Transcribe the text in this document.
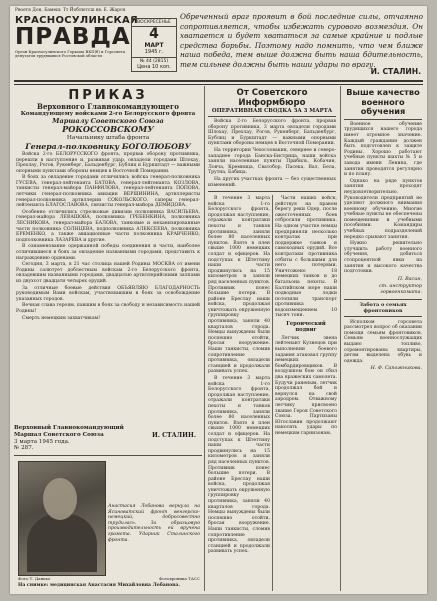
Рвоетя Дон, Бамеш: Тт Йоблютсш вв. Е. Жарсн
КРАСНОСУЛИНСКАЯ
ПРАВДА
Орган Красносулинского Горкома ВКП(б) и Горсовета депутатов трудящихся Ростовской области
ВОСКРЕСЕНЬЕ
4
МАРТ
1945 г.
№ 44 (2815)
Цена 10 коп.
Обреченный враг проявит в бой последние силы, отчаянно сопротивляется, чтобы избежать сурового возмездия. Он хватается и будет хвататься за самые крайние и подлые средства борьбы. Поэтому надо помнить, что чем ближе наша победа, тем выше должна быть наша бдительность, тем сильнее должны быть наши удары по врагу.
И. СТАЛИН.
ПРИКАЗ
Верховного Главнокомандующего
Командующему войсками 2-го Белорусского фронта
Маршалу Советского Союза
РОКОССОВСКОМУ
Начальнику штаба фронта
Генерал-полковнику БОГОЛЮБОВУ

Войска 2-го БЕЛОРУССКОГО фронта, прорвав оборону противника, перешли в наступление и, развивая удар, овладели городами Шлохау, Прехлау, Рогов, Рукенберг, Бальденбург, Бублиц и Буркштадт — важными опорными пунктами обороны немцев в Восточной Померании.

В боях за овладение городами отличились войска генерал-полковника ГУСЕВА, генерал-лейтенанта БАТОВА, генерал-лейтенанта КОЗЛОВА, танкисты генерал-майора ПАНФИЛОВА, генерал-лейтенанта ПОПОВА, летчики генерал-полковника авиации ВЕРШИНИНА, артиллеристы генерал-полковника артиллерии СОКОЛЬСКОГО, саперы генерал-лейтенанта БЛАГОСЛАВОВА, связисты генерал-майора ДЕМИДОВА.

Особенно отличились стрелковые дивизии полковника ВАСИЛЬЕВА, генерал-майора ЛЕВАШОВА, полковника ГРЕБЕНКИНА, полковника ЛЕСНИКОВА, генерал-майора БАЛОВА, танковые и механизированные части полковника СОЛНЦЕВА, подполковника АЛЕКСЕЕВА, полковника ЕРЕМЕНКО, а также авиационные части полковника КРАВЧЕНКО, подполковника ЛАЗАРЕВА и другие.

В ознаменование одержанной победы соединения и части, наиболее отличившиеся в боях за овладение названными городами, представить к награждению орденами.

Сегодня, 3 марта, в 21 час столица нашей Родины МОСКВА от имени Родины салютует доблестным войскам 2-го Белорусского фронта, овладевшим названными городами, двадцатью артиллерийскими залпами из двухсот двадцати четырех орудий.

За отличные боевые действия ОБЪЯВЛЯЮ БЛАГОДАРНОСТЬ руководимым Вами войскам, участвовавшим в боях за освобождение указанных городов.

Вечная слава героям, павшим в боях за свободу и независимость нашей Родины!

Смерть немецким захватчикам!

Верховный Главнокомандующий
Маршал Советского Союза	И. СТАЛИН.
3 марта 1945 года.
№ 287.
Анастасия Лобанова вернула на Ясиноватский фронт венгерско-немецкий, добросовестно трудилась. За образцовую производительность ей вручена грамота. Ударник Сталинского фронта.
Фото Т. Данько	Фотохроника ТАСС
На снимке: медицинская Анастасия Михайловна Лобанова.
От Советского Информбюро
ОПЕРАТИВНАЯ СВОДКА ЗА 3 МАРТА

Войска 2-го Белорусского фронта, прорвав оборону противника, 3 марта овладели городами Шлохау, Прехлау, Рогов, Рукенберг, Бальденбург, Бублиц и Буркштадт — важными опорными пунктами обороны немцев в Восточной Померании.

На территории Чехословакии, севернее и северо-западнее города Банска-Бистрица, наши войска заняли населенные пункты Прибиль, Кобачин, Ловча, Кремница, Сватобор, Пасека, Вал, Бела, Трутна, Бабица.

На других участках фронта — без существенных изменений.

В течение 3 марта войска 1-го Белорусского фронта, продолжая наступление, отражали контратаки пехоты и танков противника, заняли более 80 населенных пунктов. Взято в плен свыше 1000 немецких солдат и офицеров. На подступах к Штеттину наши части продвинулись на 15 километров и заняли ряд населенных пунктов. Противник понес большие потери. В районе Бреслау наши войска, продолжая уничтожать окруженную группировку противника, заняли 40 кварталов города. Немцы вынуждены были поспешно отойти, бросая вооружение. Наши танкисты, сломив сопротивление противника, овладели станцией и продолжали развивать успех.

В течение 3 марта войска 1-го Белорусского фронта, продолжая наступление, отражали контратаки пехоты и танков противника, заняли более 80 населенных пунктов. Взято в плен свыше 1000 немецких солдат и офицеров. На подступах к Штеттину наши части продвинулись на 15 километров и заняли ряд населенных пунктов. Противник понес большие потери. В районе Бреслау наши войска, продолжая уничтожать окруженную группировку противника, заняли 40 кварталов города. Немцы вынуждены были поспешно отойти, бросая вооружение. Наши танкисты, сломив сопротивление противника, овладели станцией и продолжали развивать успех.

Части наших войск, действуя на правом берегу реки Одер, после ожесточенных боев отбросили противника. На одном участке немцы предприняли несколько контратак при поддержке танков и самоходных орудий. Все контратаки противника отбиты с большими для него потерями. Уничтожено 18 немецких танков и до батальона пехоты. В Балтийском море наши подводные лодки потопили транспорт противника водоизмещением 10 тысяч тонн.

Героический подвиг

Летчик звена лейтенант Кузнецов при выполнении боевого задания атаковал группу немецких бомбардировщиков. В воздушном бою он сбил два вражеских самолета. Будучи раненым, летчик продолжал бой и вернулся на свой аэродром. Отважному летчику присвоено звание Героя Советского Союза. Партизаны Югославии продолжают наносить удары по немецким гарнизонам.

Выше качество военного обучения

Военное обучение трудящихся нашего города имеет огромное значение. Каждый гражданин должен быть подготовлен к защите Родины. Хорошо работают учебные пункты шахты № 5 и завода имени Ленина, где занятия проводятся регулярно и по плану.

Однако на ряде пунктов занятия проходят неудовлетворительно. Руководители предприятий не уделяют должного внимания военному обучению. Многие учебные пункты не обеспечены помещениями и учебными пособиями. Командиры учебных подразделений нередко срывают занятия.

Нужно решительно улучшить работу военного обучения, добиться стопроцентной явки на занятия и высокого качества подготовки.

П. Васин,
ст. инструктор горвоенкомата.
Забота о семьях фронтовиков

Исполком горсовета рассмотрел вопрос об оказании помощи семьям фронтовиков. Семьям военнослужащих выдано топливо, отремонтированы квартиры, детям выделена обувь и одежда.

Н. Ф. Сапожникова.
